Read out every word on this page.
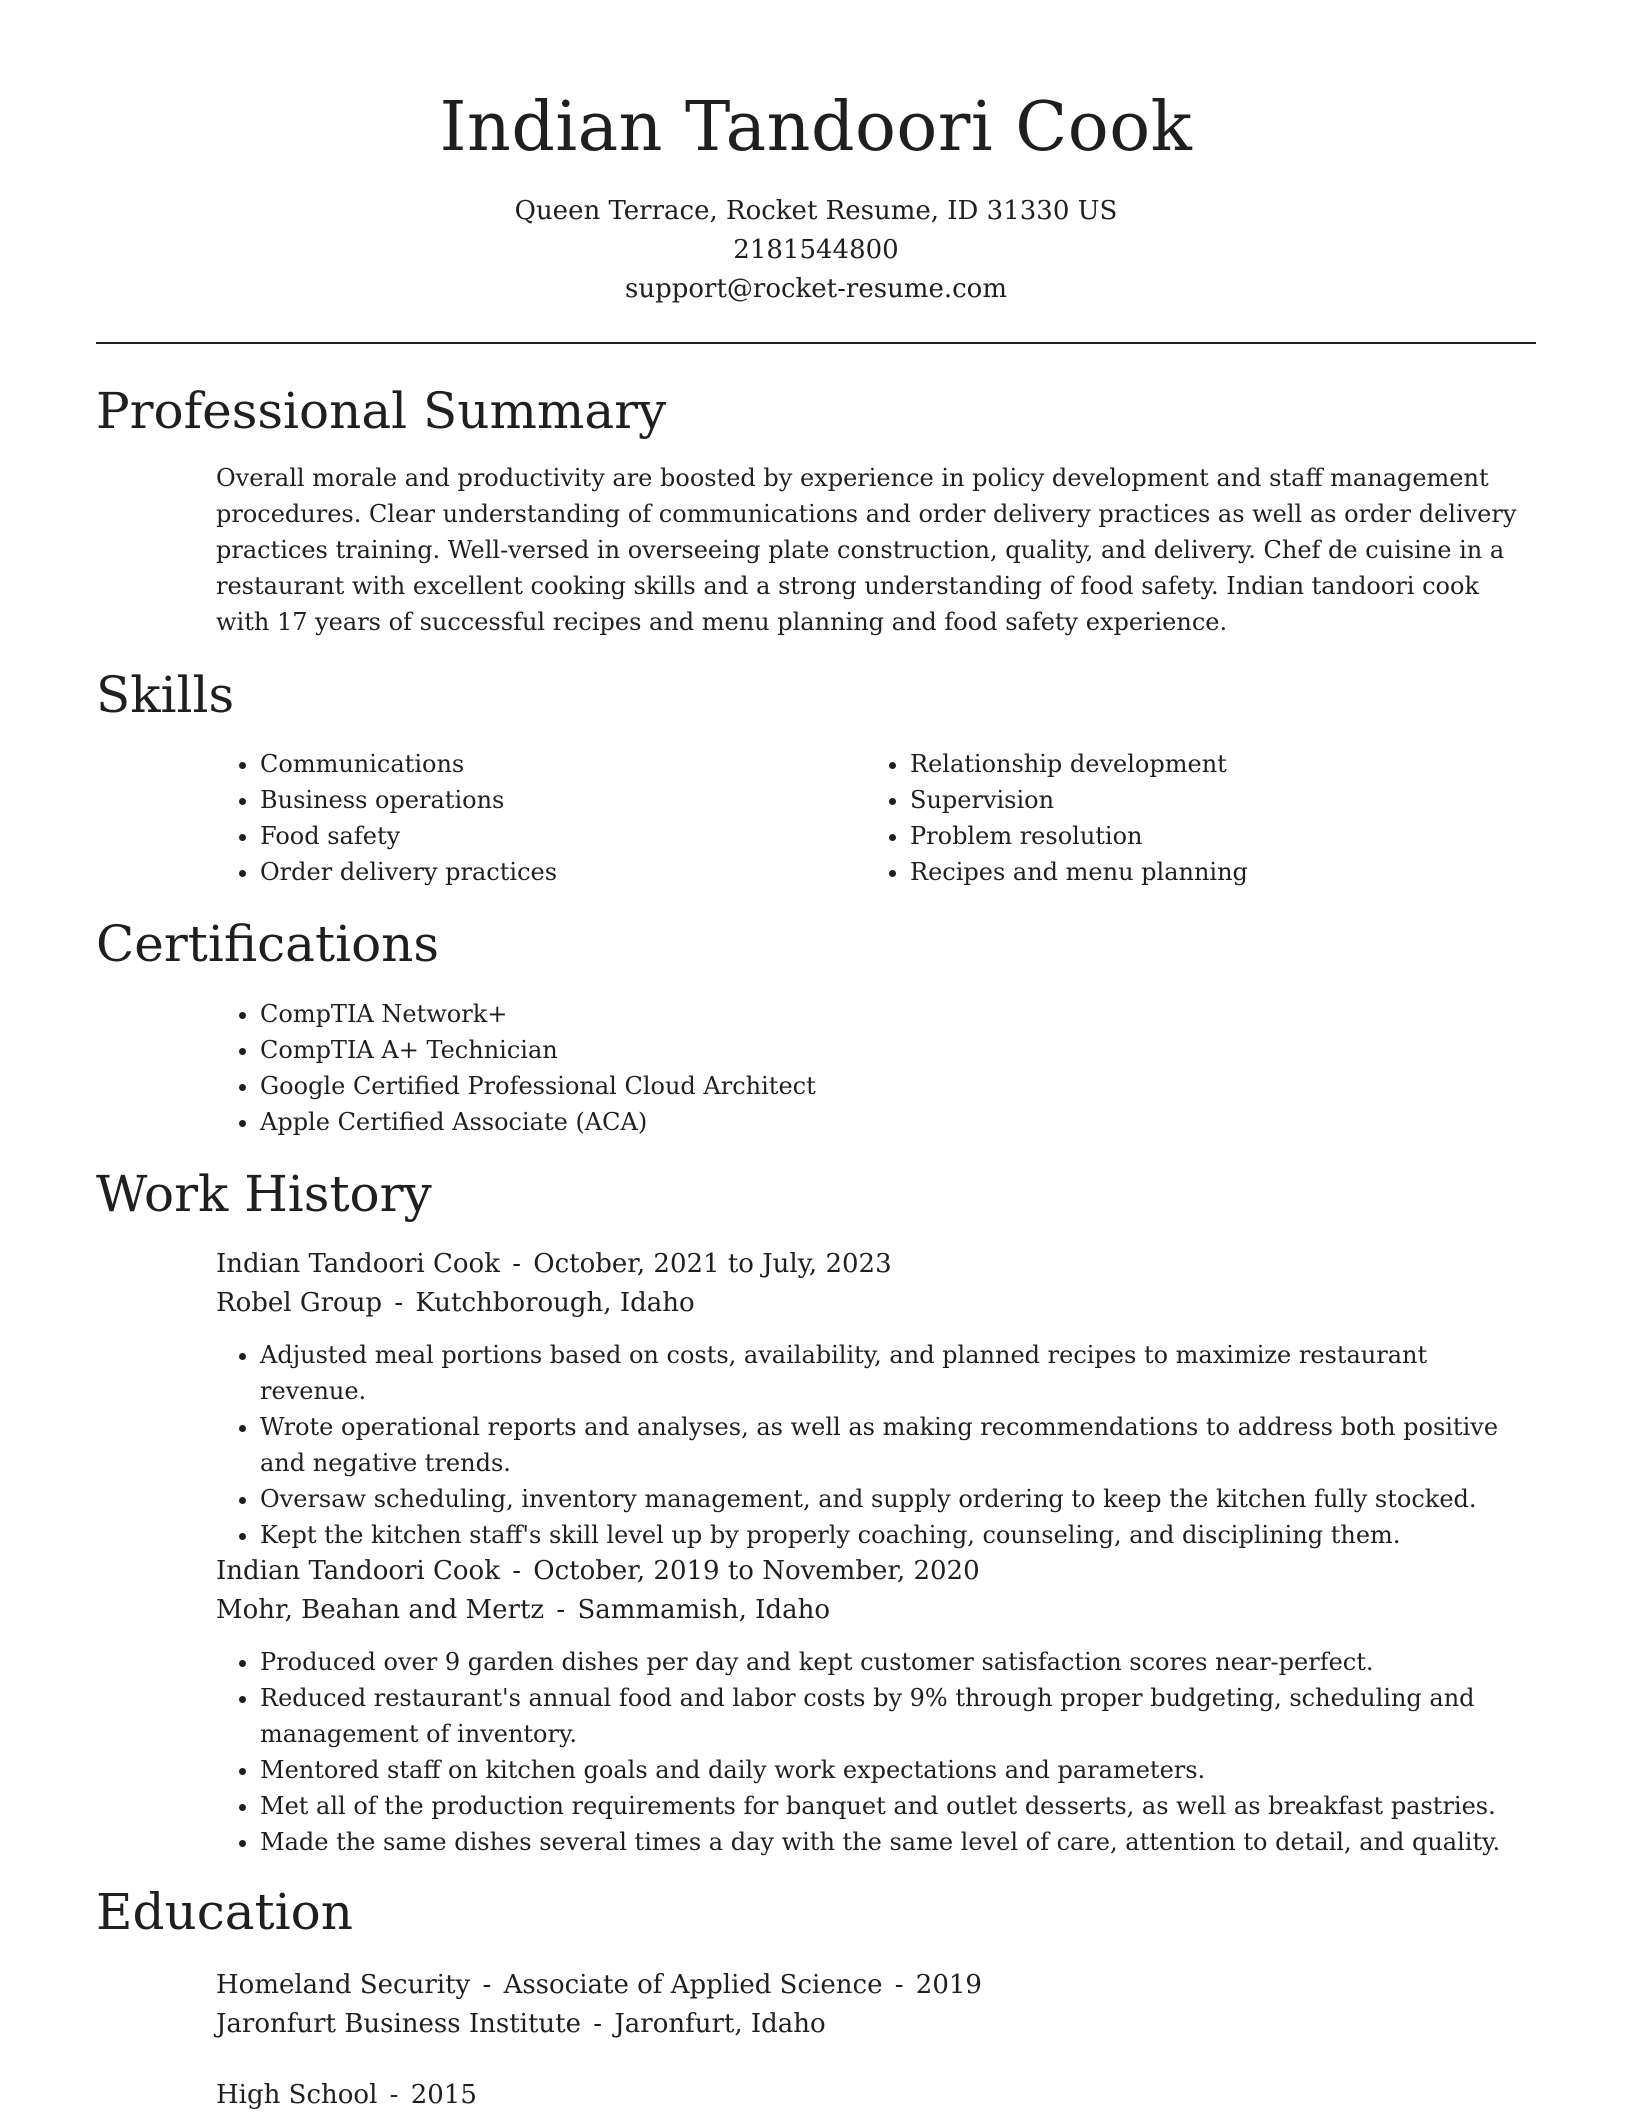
Indian Tandoori Cook
Queen Terrace, Rocket Resume, ID 31330 US
2181544800
support@rocket-resume.com
Professional Summary

Overall morale and productivity are boosted by experience in policy development and staff management procedures. Clear understanding of communications and order delivery practices as well as order delivery practices training. Well-versed in overseeing plate construction, quality, and delivery. Chef de cuisine in a restaurant with excellent cooking skills and a strong understanding of food safety. Indian tandoori cook with 17 years of successful recipes and menu planning and food safety experience.

Skills
• Communications
• Business operations
• Food safety
• Order delivery practices
• Relationship development
• Supervision
• Problem resolution
• Recipes and menu planning
Certifications
• CompTIA Network+
• CompTIA A+ Technician
• Google Certified Professional Cloud Architect
• Apple Certified Associate (ACA)
Work History
Indian Tandoori Cook - October, 2021 to July, 2023
Robel Group - Kutchborough, Idaho
• Adjusted meal portions based on costs, availability, and planned recipes to maximize restaurant revenue.
• Wrote operational reports and analyses, as well as making recommendations to address both positive and negative trends.
• Oversaw scheduling, inventory management, and supply ordering to keep the kitchen fully stocked.
• Kept the kitchen staff's skill level up by properly coaching, counseling, and disciplining them.
Indian Tandoori Cook - October, 2019 to November, 2020
Mohr, Beahan and Mertz - Sammamish, Idaho
• Produced over 9 garden dishes per day and kept customer satisfaction scores near-perfect.
• Reduced restaurant's annual food and labor costs by 9% through proper budgeting, scheduling and management of inventory.
• Mentored staff on kitchen goals and daily work expectations and parameters.
• Met all of the production requirements for banquet and outlet desserts, as well as breakfast pastries.
• Made the same dishes several times a day with the same level of care, attention to detail, and quality.
Education
Homeland Security - Associate of Applied Science - 2019
Jaronfurt Business Institute - Jaronfurt, Idaho
High School - 2015
